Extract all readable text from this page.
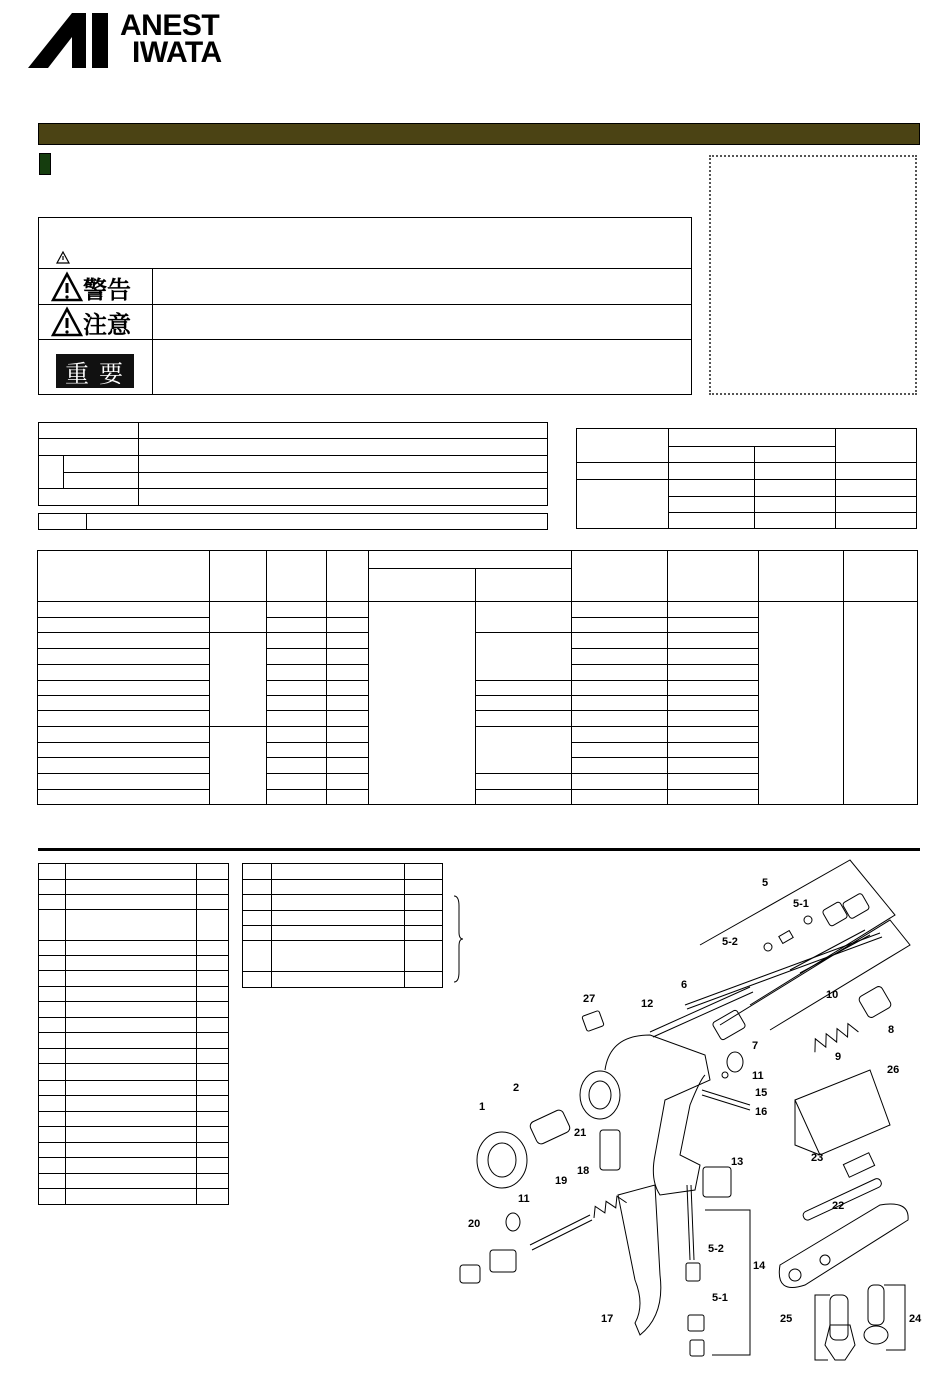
ANEST
IWATA
警告
注意
重要

1
2
5
5-1
5-2
6
7
8
9
10
11
11
12
13
14
15
16
17
18
19
20
21
22
23
24
25
26
27
5-2
5-1
